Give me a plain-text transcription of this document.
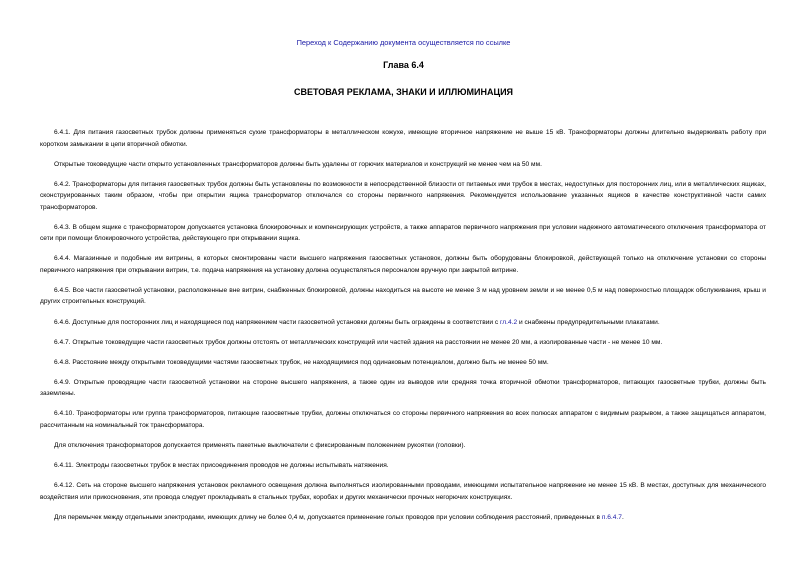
Переход к Содержанию документа осуществляется по ссылке
Глава 6.4
СВЕТОВАЯ РЕКЛАМА, ЗНАКИ И ИЛЛЮМИНАЦИЯ

6.4.1. Для питания газосветных трубок должны применяться сухие трансформаторы в металлическом кожухе, имеющие вторичное напряжение не выше 15 кВ. Трансформаторы должны длительно выдерживать работу при коротком замыкании в цепи вторичной обмотки.

Открытые токоведущие части открыто установленных трансформаторов должны быть удалены от горючих материалов и конструкций не менее чем на 50 мм.

6.4.2. Трансформаторы для питания газосветных трубок должны быть установлены по возможности в непосредственной близости от питаемых ими трубок в местах, недоступных для посторонних лиц, или в металлических ящиках, сконструированных таким образом, чтобы при открытии ящика трансформатор отключался со стороны первичного напряжения. Рекомендуется использование указанных ящиков в качестве конструктивной части самих трансформаторов.

6.4.3. В общем ящике с трансформатором допускается установка блокировочных и компенсирующих устройств, а также аппаратов первичного напряжения при условии надежного автоматического отключения трансформатора от сети при помощи блокировочного устройства, действующего при открывании ящика.

6.4.4. Магазинные и подобные им витрины, в которых смонтированы части высшего напряжения газосветных установок, должны быть оборудованы блокировкой, действующей только на отключение установки со стороны первичного напряжения при открывании витрин, т.е. подача напряжения на установку должна осуществляться персоналом вручную при закрытой витрине.

6.4.5. Все части газосветной установки, расположенные вне витрин, снабженных блокировкой, должны находиться на высоте не менее 3 м над уровнем земли и не менее 0,5 м над поверхностью площадок обслуживания, крыш и других строительных конструкций.

6.4.6. Доступные для посторонних лиц и находящиеся под напряжением части газосветной установки должны быть ограждены в соответствии с гл.4.2 и снабжены предупредительными плакатами.

6.4.7. Открытые токоведущие части газосветных трубок должны отстоять от металлических конструкций или частей здания на расстоянии не менее 20 мм, а изолированные части - не менее 10 мм.

6.4.8. Расстояние между открытыми токоведущими частями газосветных трубок, не находящимися под одинаковым потенциалом, должно быть не менее 50 мм.

6.4.9. Открытые проводящие части газосветной установки на стороне высшего напряжения, а также один из выводов или средняя точка вторичной обмотки трансформаторов, питающих газосветные трубки, должны быть заземлены.

6.4.10. Трансформаторы или группа трансформаторов, питающие газосветные трубки, должны отключаться со стороны первичного напряжения во всех полюсах аппаратом с видимым разрывом, а также защищаться аппаратом, рассчитанным на номинальный ток трансформатора.

Для отключения трансформаторов допускается применять пакетные выключатели с фиксированным положением рукоятки (головки).

6.4.11. Электроды газосветных трубок в местах присоединения проводов не должны испытывать натяжения.

6.4.12. Сеть на стороне высшего напряжения установок рекламного освещения должна выполняться изолированными проводами, имеющими испытательное напряжение не менее 15 кВ. В местах, доступных для механического воздействия или прикосновения, эти провода следует прокладывать в стальных трубах, коробах и других механически прочных негорючих конструкциях.

Для перемычек между отдельными электродами, имеющих длину не более 0,4 м, допускается применение голых проводов при условии соблюдения расстояний, приведенных в п.6.4.7.
